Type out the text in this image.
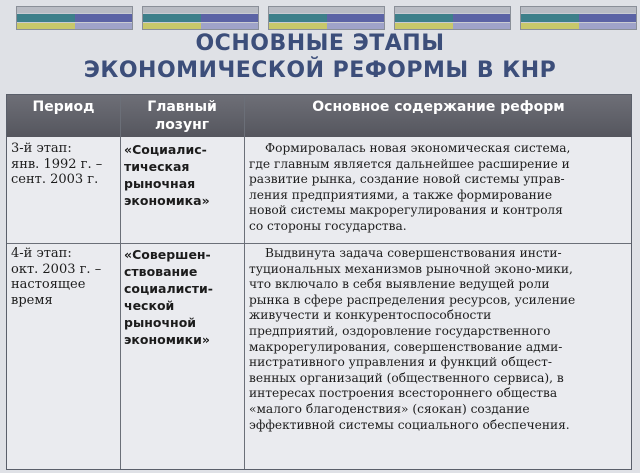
ОСНОВНЫЕ ЭТАПЫ
ЭКОНОМИЧЕСКОЙ РЕФОРМЫ В КНР
Период	Главный
лозунг
Основное содержание реформ
3-й этап:
янв. 1992 г. –
сент. 2003 г.
«Социалис-
тическая
рыночная
экономика»
Формировалась новая экономическая система,
где главным является дальнейшее расширение и
развитие рынка, создание новой системы управ-
ления предприятиями, а также формирование
новой системы макрорегулирования и контроля
со стороны государства.
4-й этап:
окт. 2003 г. –
настоящее
время
«Совершен-
ствование
социалисти-
ческой
рыночной
экономики»
Выдвинута задача совершенствования инсти-
туциональных механизмов рыночной эконо-мики,
что включало в себя выявление ведущей роли
рынка в сфере распределения ресурсов, усиление
живучести и конкурентоспособности
предприятий, оздоровление государственного
макрорегулирования, совершенствование адми-
нистративного управления и функций общест-
венных организаций (общественного сервиса), в
интересах построения всестороннего общества
«малого благоденствия» (сяокан) создание
эффективной системы социального обеспечения.
